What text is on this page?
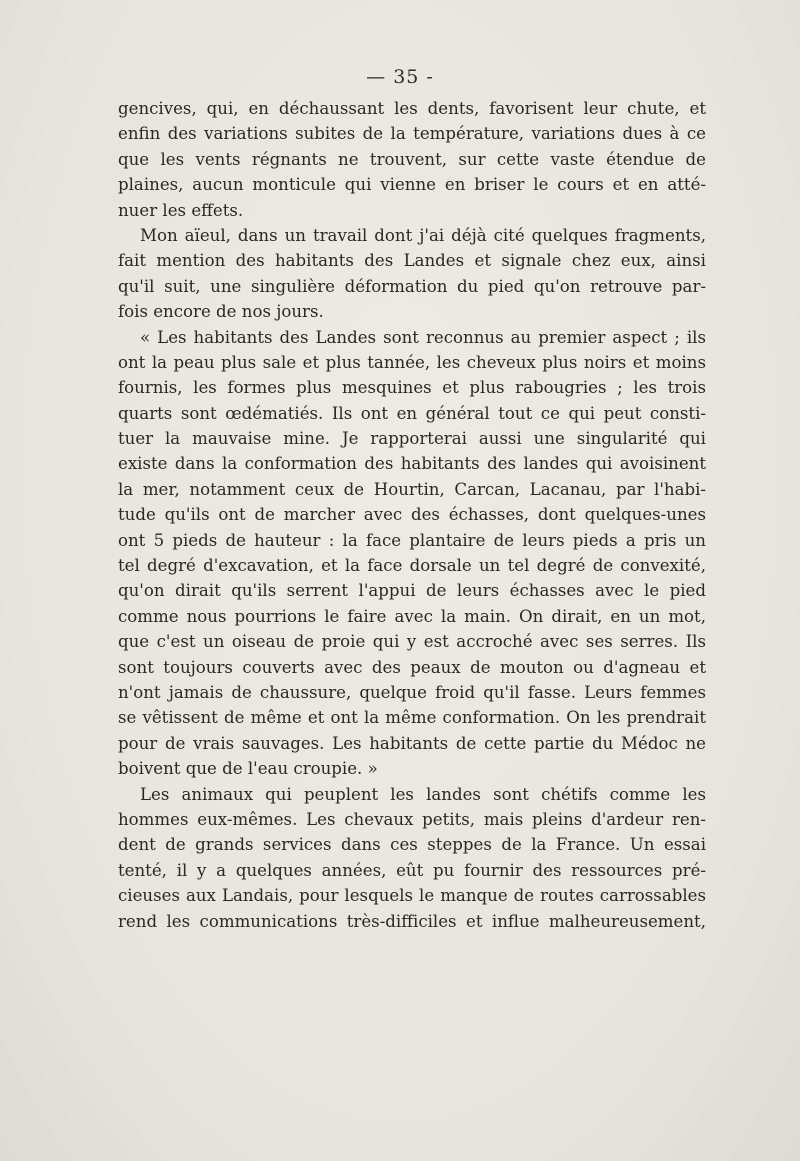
— 35 -
gencives, qui, en déchaussant les dents, favorisent leur chute, et
enfin des variations subites de la température, variations dues à ce
que les vents régnants ne trouvent, sur cette vaste étendue de
plaines, aucun monticule qui vienne en briser le cours et en atté-
nuer les effets.
Mon aïeul, dans un travail dont j'ai déjà cité quelques fragments,
fait mention des habitants des Landes et signale chez eux, ainsi
qu'il suit, une singulière déformation du pied qu'on retrouve par-
fois encore de nos jours.
« Les habitants des Landes sont reconnus au premier aspect ; ils
ont la peau plus sale et plus tannée, les cheveux plus noirs et moins
fournis, les formes plus mesquines et plus rabougries ; les trois
quarts sont œdématiés. Ils ont en général tout ce qui peut consti-
tuer la mauvaise mine. Je rapporterai aussi une singularité qui
existe dans la conformation des habitants des landes qui avoisinent
la mer, notamment ceux de Hourtin, Carcan, Lacanau, par l'habi-
tude qu'ils ont de marcher avec des échasses, dont quelques-unes
ont 5 pieds de hauteur : la face plantaire de leurs pieds a pris un
tel degré d'excavation, et la face dorsale un tel degré de convexité,
qu'on dirait qu'ils serrent l'appui de leurs échasses avec le pied
comme nous pourrions le faire avec la main. On dirait, en un mot,
que c'est un oiseau de proie qui y est accroché avec ses serres. Ils
sont toujours couverts avec des peaux de mouton ou d'agneau et
n'ont jamais de chaussure, quelque froid qu'il fasse. Leurs femmes
se vêtissent de même et ont la même conformation. On les prendrait
pour de vrais sauvages. Les habitants de cette partie du Médoc ne
boivent que de l'eau croupie. »
Les animaux qui peuplent les landes sont chétifs comme les
hommes eux-mêmes. Les chevaux petits, mais pleins d'ardeur ren-
dent de grands services dans ces steppes de la France. Un essai
tenté, il y a quelques années, eût pu fournir des ressources pré-
cieuses aux Landais, pour lesquels le manque de routes carrossables
rend les communications très-difficiles et influe malheureusement,
